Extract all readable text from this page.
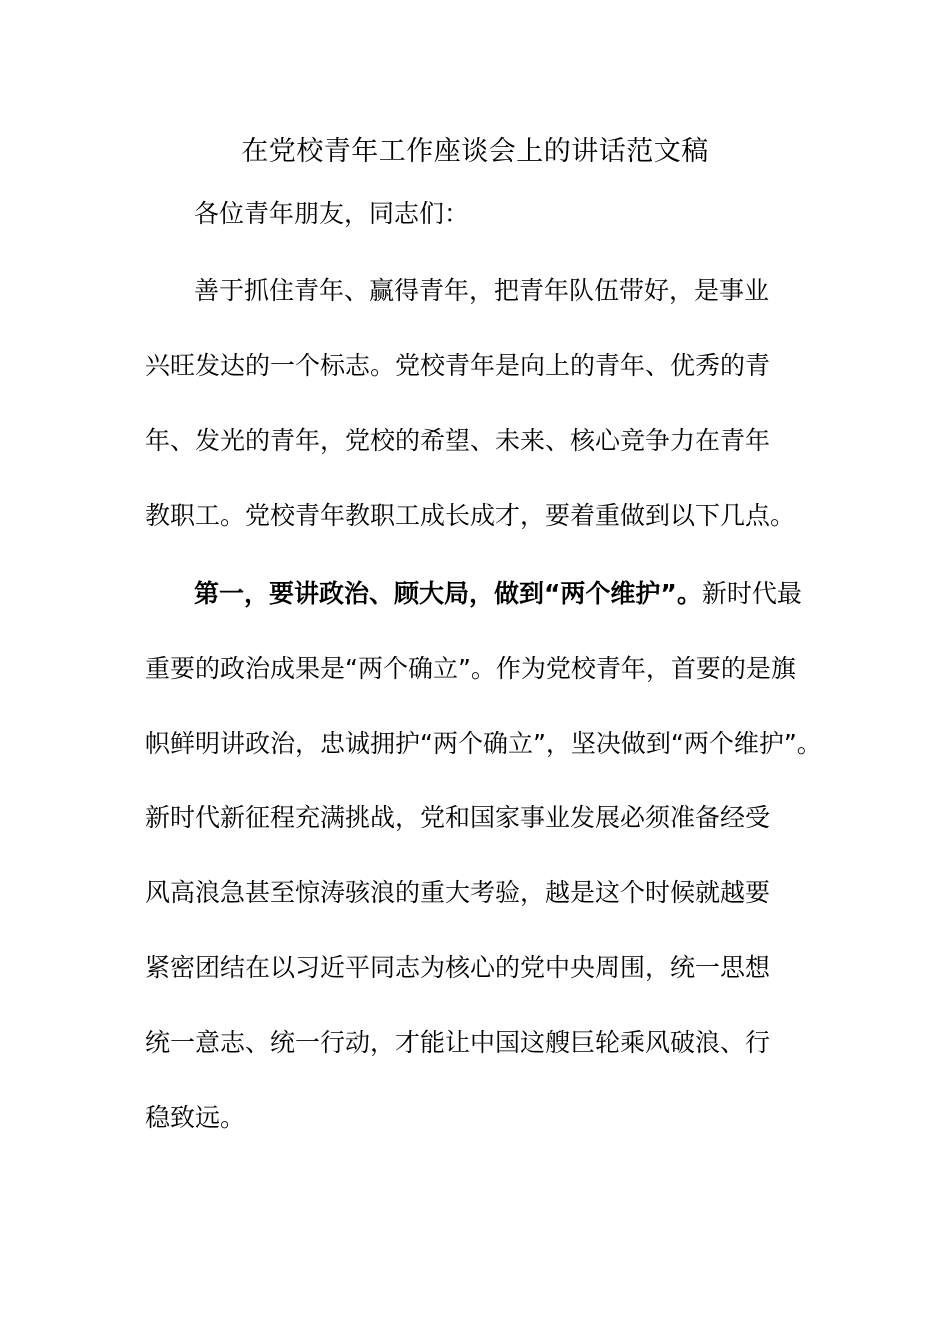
在党校青年工作座谈会上的讲话范文稿
各位青年朋友，同志们：
善于抓住青年、赢得青年，把青年队伍带好，是事业
兴旺发达的一个标志。党校青年是向上的青年、优秀的青
年、发光的青年，党校的希望、未来、核心竞争力在青年
教职工。党校青年教职工成长成才，要着重做到以下几点。
第一，要讲政治、顾大局，做到“两个维护”。新时代最
重要的政治成果是“两个确立”。作为党校青年，首要的是旗
帜鲜明讲政治，忠诚拥护“两个确立”，坚决做到“两个维护”。
新时代新征程充满挑战，党和国家事业发展必须准备经受
风高浪急甚至惊涛骇浪的重大考验，越是这个时候就越要
紧密团结在以习近平同志为核心的党中央周围，统一思想
统一意志、统一行动，才能让中国这艘巨轮乘风破浪、行
稳致远。
